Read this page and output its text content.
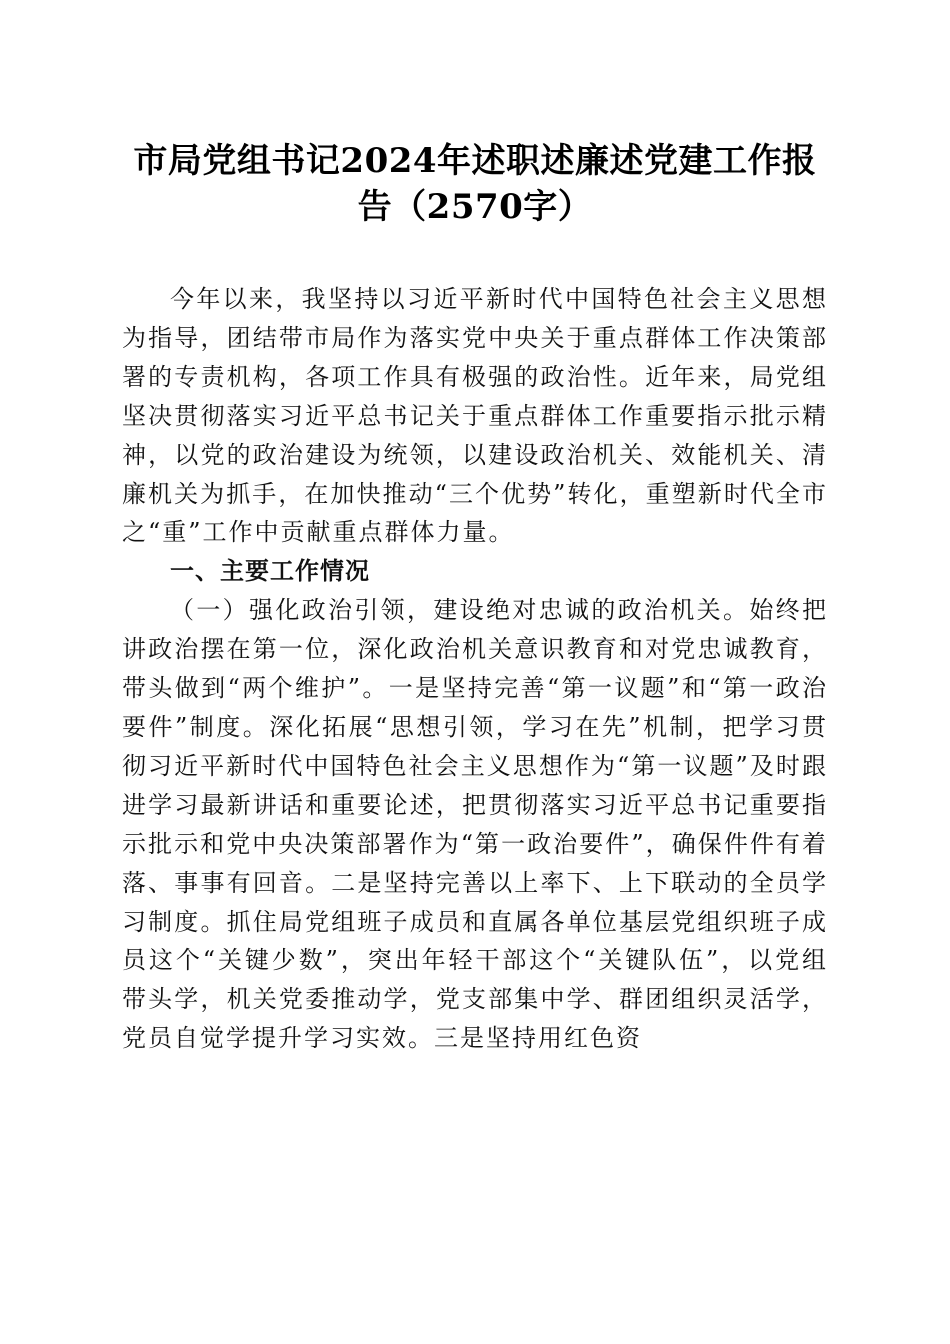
市局党组书记2024年述职述廉述党建工作报告（2570字）

今年以来，我坚持以习近平新时代中国特色社会主义思想为指导，团结带市局作为落实党中央关于重点群体工作决策部署的专责机构，各项工作具有极强的政治性。近年来，局党组坚决贯彻落实习近平总书记关于重点群体工作重要指示批示精神，以党的政治建设为统领，以建设政治机关、效能机关、清廉机关为抓手，在加快推动“三个优势”转化，重塑新时代全市之“重”工作中贡献重点群体力量。

一、主要工作情况

（一）强化政治引领，建设绝对忠诚的政治机关。始终把讲政治摆在第一位，深化政治机关意识教育和对党忠诚教育，带头做到“两个维护”。一是坚持完善“第一议题”和“第一政治要件”制度。深化拓展“思想引领，学习在先”机制，把学习贯彻习近平新时代中国特色社会主义思想作为“第一议题”及时跟进学习最新讲话和重要论述，把贯彻落实习近平总书记重要指示批示和党中央决策部署作为“第一政治要件”，确保件件有着落、事事有回音。二是坚持完善以上率下、上下联动的全员学习制度。抓住局党组班子成员和直属各单位基层党组织班子成员这个“关键少数”，突出年轻干部这个“关键队伍”，以党组带头学，机关党委推动学，党支部集中学、群团组织灵活学，党员自觉学提升学习实效。三是坚持用红色资
